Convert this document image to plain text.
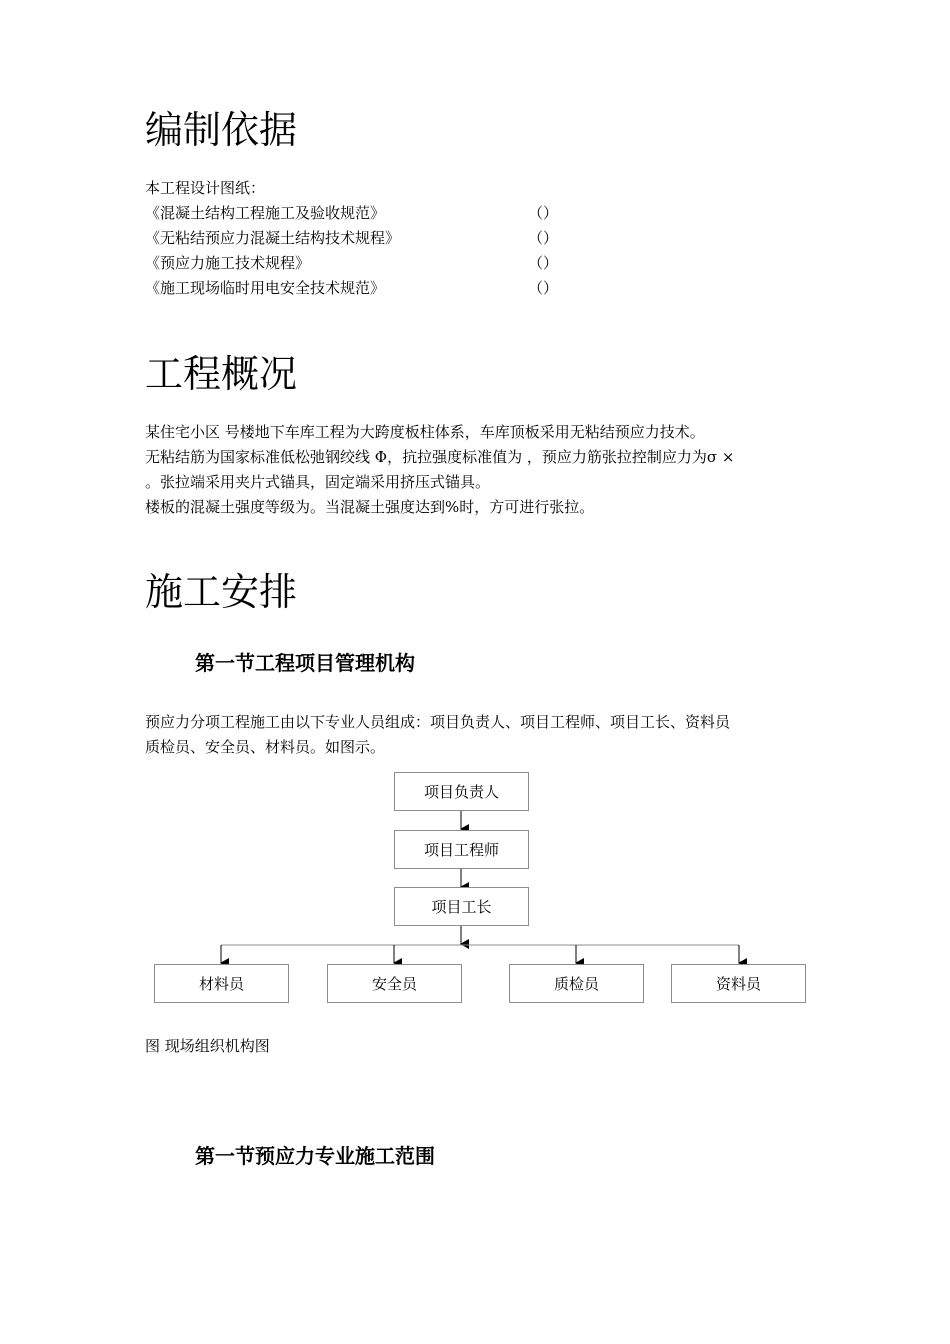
编制依据
本工程设计图纸：
《混凝土结构工程施工及验收规范》	（）
《无粘结预应力混凝土结构技术规程》	（）
《预应力施工技术规程》	（）
《施工现场临时用电安全技术规范》	（）
工程概况
某住宅小区 号楼地下车库工程为大跨度板柱体系，车库顶板采用无粘结预应力技术。
无粘结筋为国家标准低松弛钢绞线 Φ，抗拉强度标准值为 ，预应力筋张拉控制应力为σ ×
。张拉端采用夹片式锚具，固定端采用挤压式锚具。
楼板的混凝土强度等级为。当混凝土强度达到%时，方可进行张拉。
施工安排
第一节工程项目管理机构
预应力分项工程施工由以下专业人员组成：项目负责人、项目工程师、项目工长、资料员
质检员、安全员、材料员。如图示。
项目负责人
项目工程师
项目工长
材料员	安全员	质检员	资料员
图 现场组织机构图
第一节预应力专业施工范围
